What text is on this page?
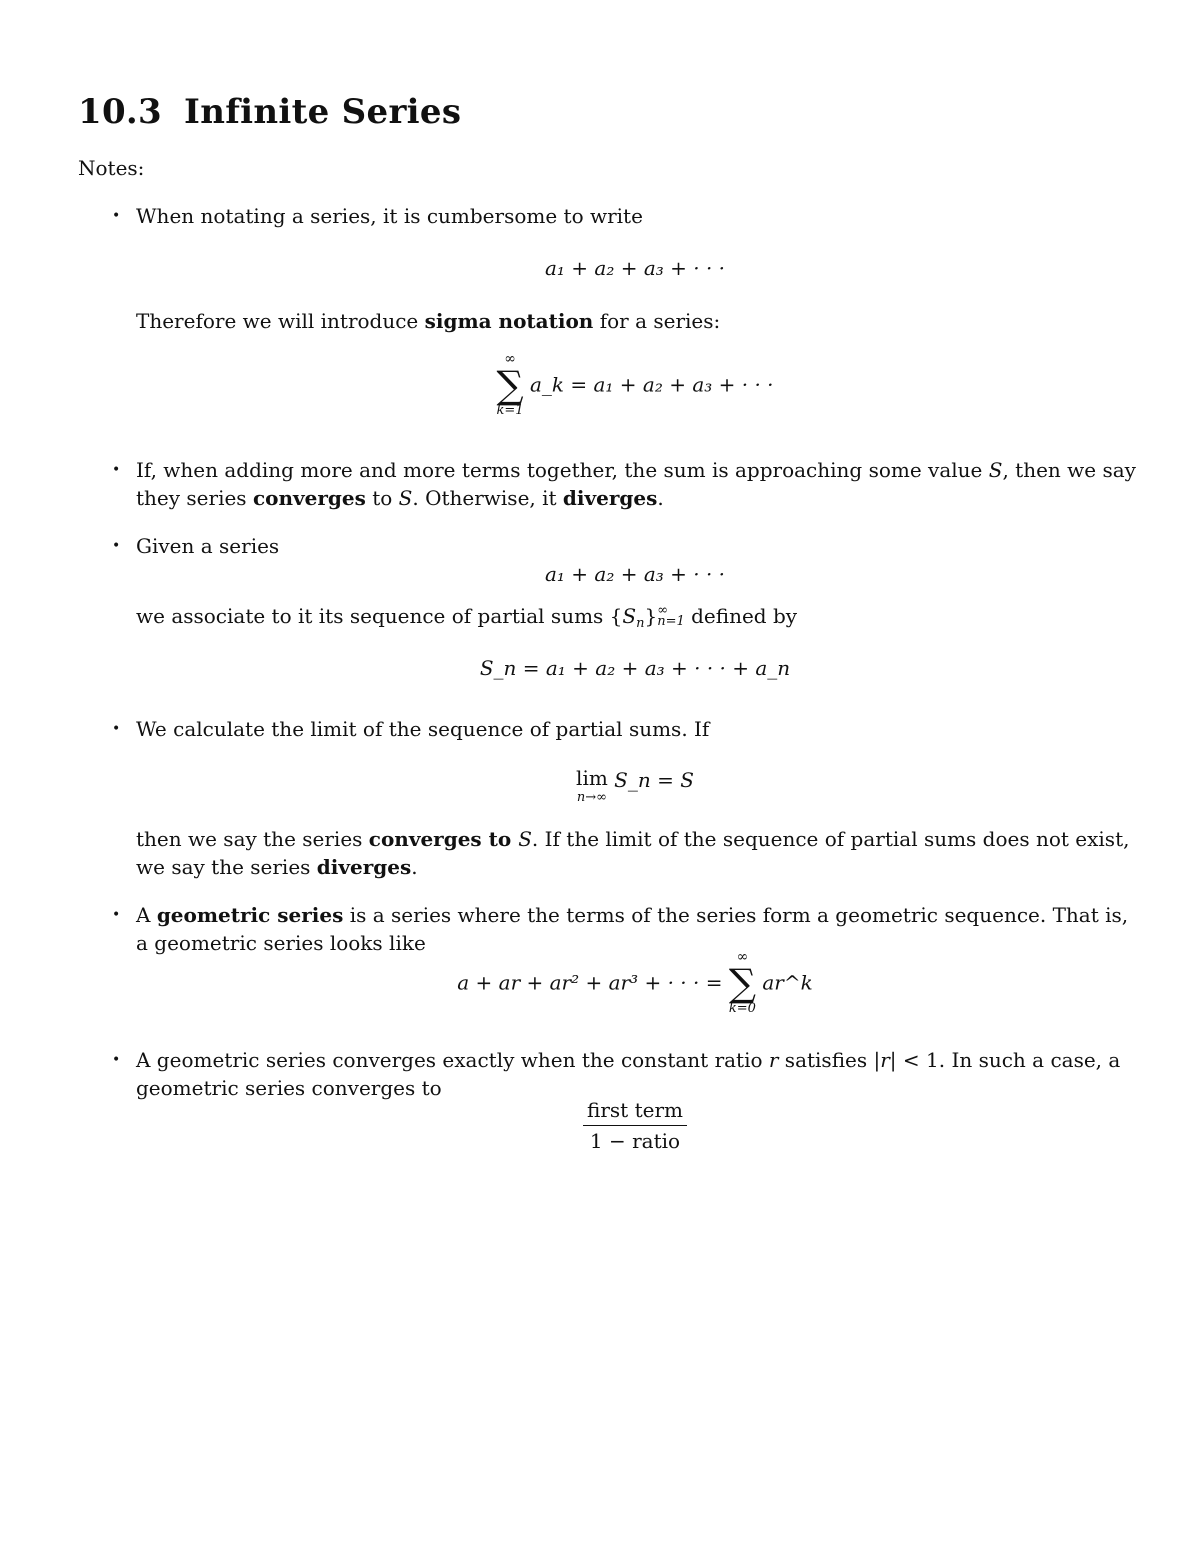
10.3 Infinite Series
Notes:
• When notating a series, it is cumbersome to write
a₁ + a₂ + a₃ + · · ·
Therefore we will introduce sigma notation for a series:
∞
∑
k=1
a_k = a₁ + a₂ + a₃ + · · ·
• If, when adding more and more terms together, the sum is approaching some value S, then we say they series converges to S. Otherwise, it diverges.
• Given a series
a₁ + a₂ + a₃ + · · ·
we associate to it its sequence of partial sums $\{S_n\}$ ∞
n=1 defined by
S_n = a₁ + a₂ + a₃ + · · · + a_n
• We calculate the limit of the sequence of partial sums. If
lim
n→∞
S_n = S
then we say the series converges to S. If the limit of the sequence of partial sums does not exist, we say the series diverges.
• A geometric series is a series where the terms of the series form a geometric sequence. That is, a geometric series looks like
a + ar + ar² + ar³ + · · · =
∞
∑
k=0
ar^k
• A geometric series converges exactly when the constant ratio r satisfies |r| < 1. In such a case, a geometric series converges to
$\frac{\text{first term}}{\text{1 − ratio}}$
